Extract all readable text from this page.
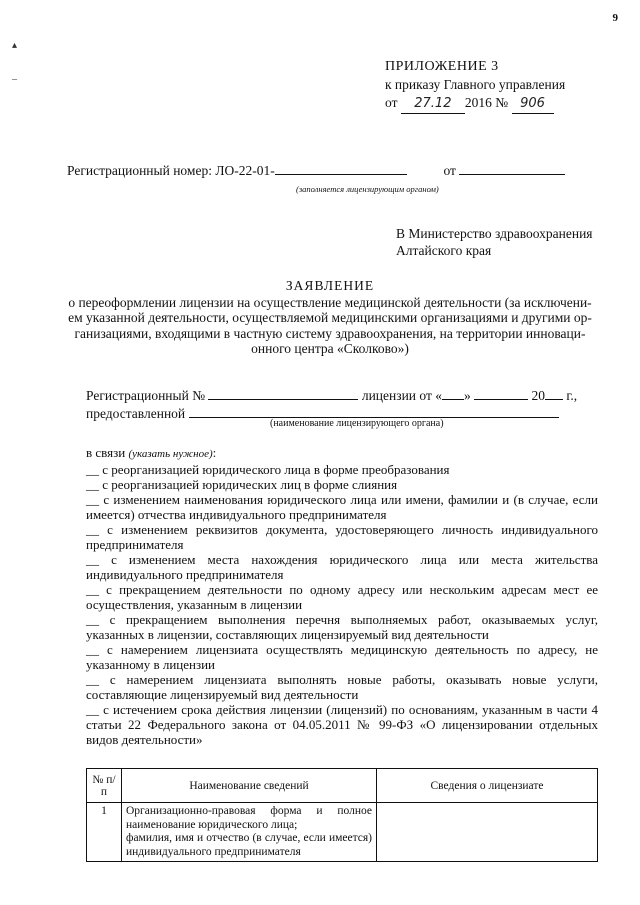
9
▴
–
ПРИЛОЖЕНИЕ 3
к приказу Главного управления
от 27.12 2016 № 906
Регистрационный номер: ЛО-22-01-	от
(заполняется лицензирующим органом)
В Министерство здравоохранения
Алтайского края
ЗАЯВЛЕНИЕ
о переоформлении лицензии на осуществление медицинской деятельности (за исключени-
ем указанной деятельности, осуществляемой медицинскими организациями и другими ор-
ганизациями, входящими в частную систему здравоохранения, на территории инноваци-
онного центра «Сколково»)
Регистрационный №	лицензии от « »	20 г.,
предоставленной
(наименование лицензирующего органа)
в связи (указать нужное):

__ с реорганизацией юридического лица в форме преобразования

__ с реорганизацией юридических лиц в форме слияния

__ с изменением наименования юридического лица или имени, фамилии и (в случае, если имеется) отчества индивидуального предпринимателя

__ с изменением реквизитов документа, удостоверяющего личность индивидуального предпринимателя

__ с изменением места нахождения юридического лица или места жительства индивидуального предпринимателя

__ с прекращением деятельности по одному адресу или нескольким адресам мест ее осуществления, указанным в лицензии

__ с прекращением выполнения перечня выполняемых работ, оказываемых услуг, указанных в лицензии, составляющих лицензируемый вид деятельности

__ с намерением лицензиата осуществлять медицинскую деятельность по адресу, не указанному в лицензии

__ с намерением лицензиата выполнять новые работы, оказывать новые услуги, составляющие лицензируемый вид деятельности

__ с истечением срока действия лицензии (лицензий) по основаниям, указанным в части 4 статьи 22 Федерального закона от 04.05.2011 № 99-ФЗ «О лицензировании отдельных видов деятельности»

№ п/п	Наименование сведений	Сведения о лицензиате
1	Организационно-правовая форма и полное наименование юридического лица;
фамилия, имя и отчество (в случае, если имеется) индивидуального предпринимателя	
